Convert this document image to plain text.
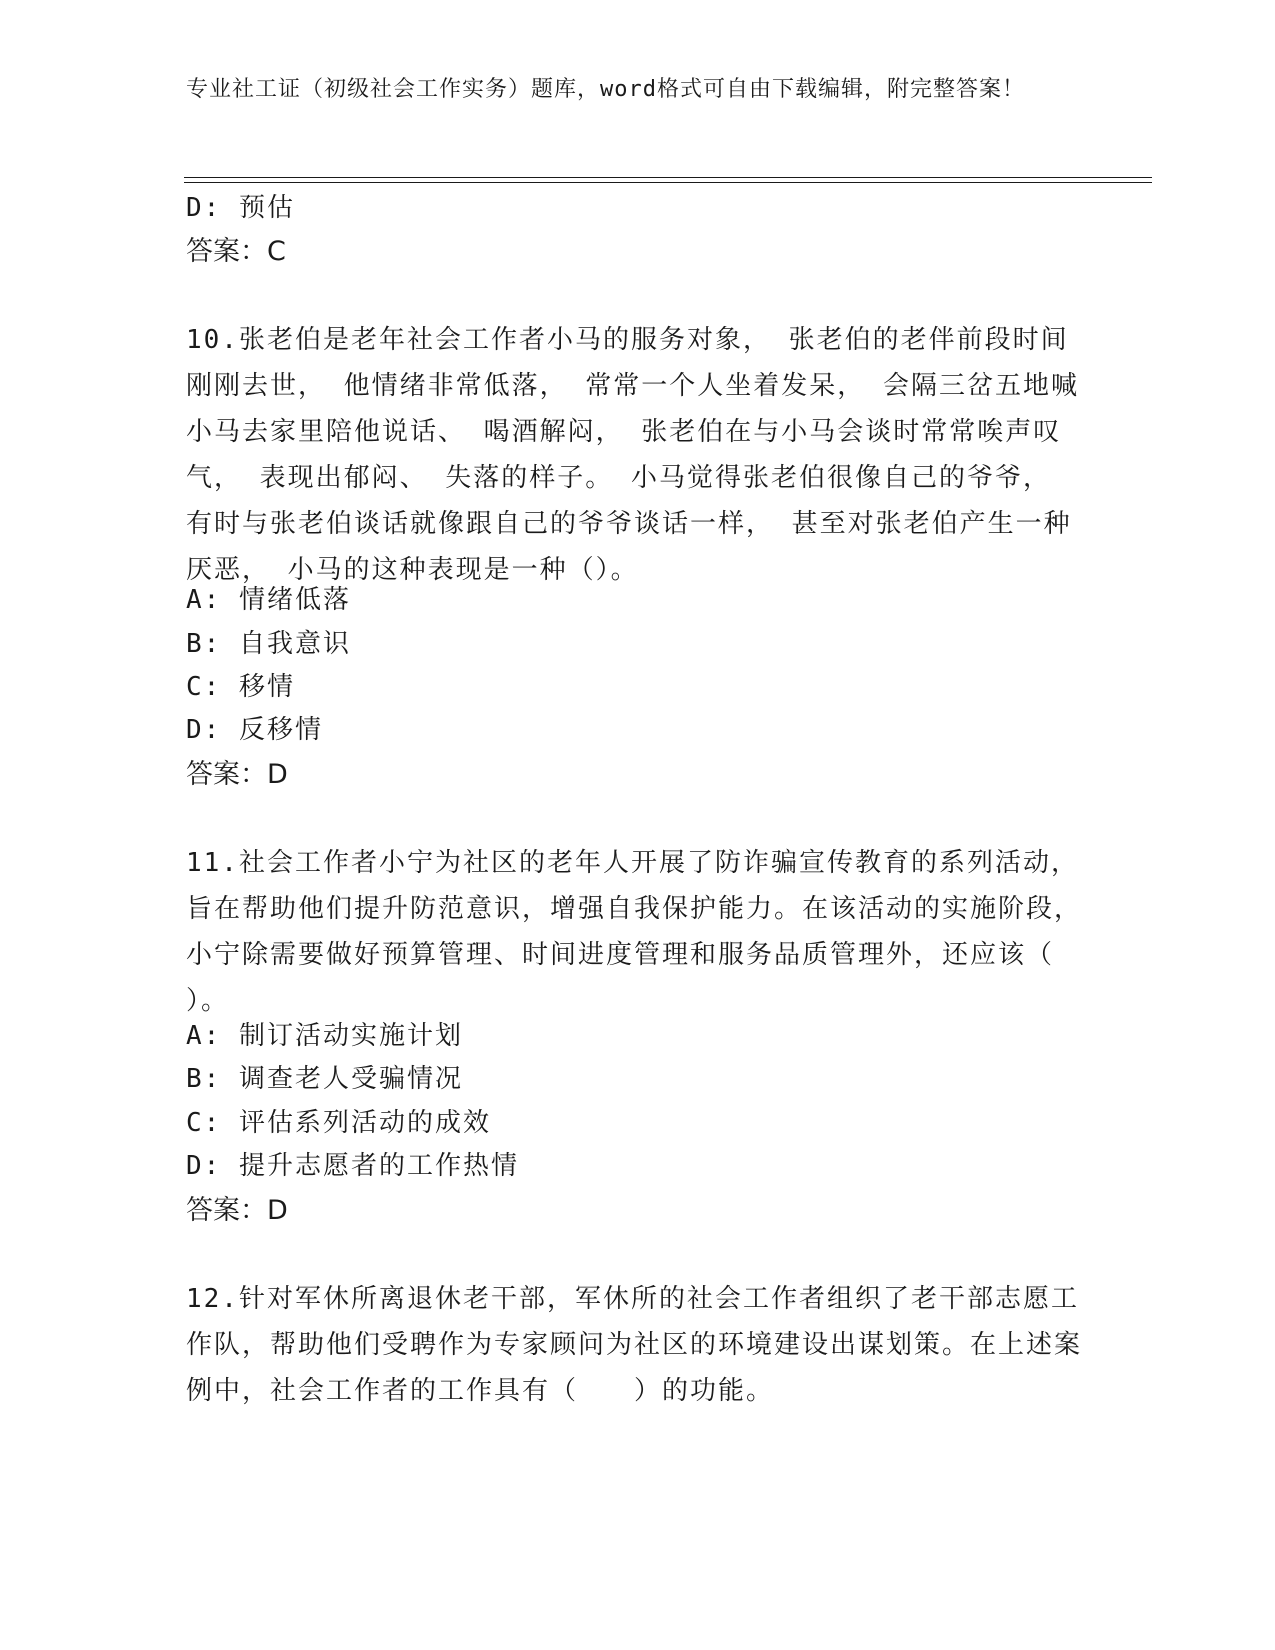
专业社工证（初级社会工作实务）题库，word格式可自由下载编辑，附完整答案！
D: 预估
答案：C
10.张老伯是老年社会工作者小马的服务对象， 张老伯的老伴前段时间刚刚去世， 他情绪非常低落， 常常一个人坐着发呆， 会隔三岔五地喊小马去家里陪他说话、 喝酒解闷， 张老伯在与小马会谈时常常唉声叹气， 表现出郁闷、 失落的样子。 小马觉得张老伯很像自己的爷爷， 有时与张老伯谈话就像跟自己的爷爷谈话一样， 甚至对张老伯产生一种厌恶， 小马的这种表现是一种（）。
A: 情绪低落
B: 自我意识
C: 移情
D: 反移情
答案：D
11.社会工作者小宁为社区的老年人开展了防诈骗宣传教育的系列活动，旨在帮助他们提升防范意识，增强自我保护能力。在该活动的实施阶段，小宁除需要做好预算管理、时间进度管理和服务品质管理外，还应该（ ）。
A: 制订活动实施计划
B: 调查老人受骗情况
C: 评估系列活动的成效
D: 提升志愿者的工作热情
答案：D
12.针对军休所离退休老干部，军休所的社会工作者组织了老干部志愿工作队，帮助他们受聘作为专家顾问为社区的环境建设出谋划策。在上述案例中，社会工作者的工作具有（　　）的功能。
